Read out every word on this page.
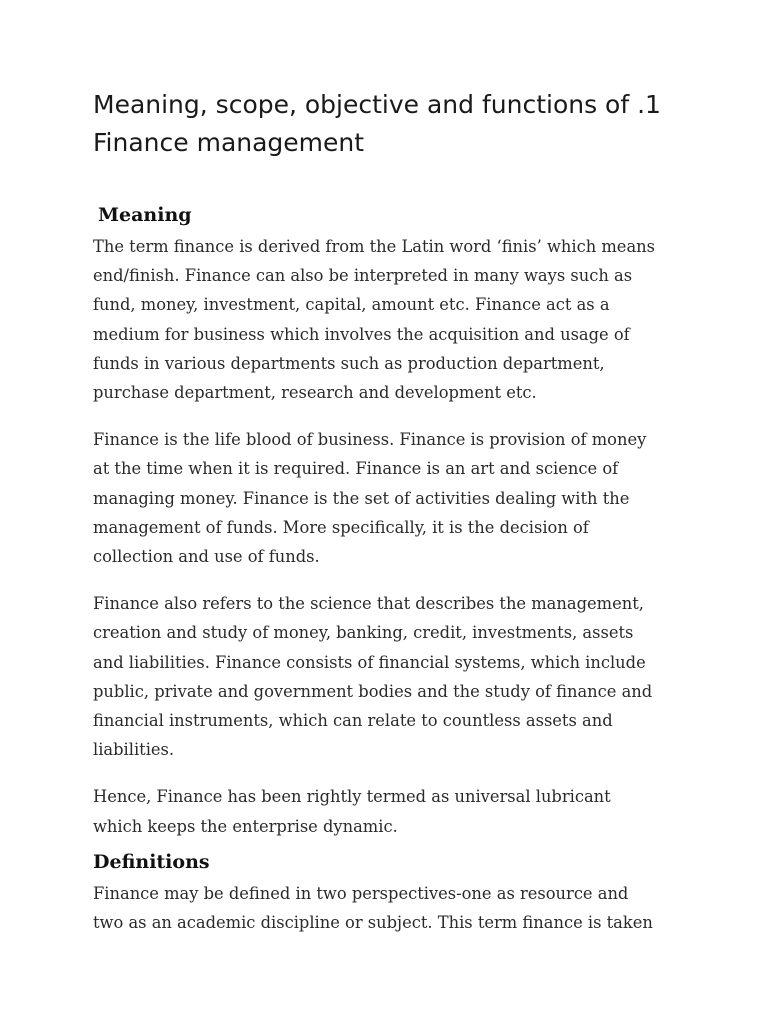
Meaning, scope, objective and functions of .1
Finance management
Meaning

The term finance is derived from the Latin word ‘finis’ which means
end/finish. Finance can also be interpreted in many ways such as
fund, money, investment, capital, amount etc. Finance act as a
medium for business which involves the acquisition and usage of
funds in various departments such as production department,
purchase department, research and development etc.

Finance is the life blood of business. Finance is provision of money
at the time when it is required. Finance is an art and science of
managing money. Finance is the set of activities dealing with the
management of funds. More specifically, it is the decision of
collection and use of funds.

Finance also refers to the science that describes the management,
creation and study of money, banking, credit, investments, assets
and liabilities. Finance consists of financial systems, which include
public, private and government bodies and the study of finance and
financial instruments, which can relate to countless assets and
liabilities.

Hence, Finance has been rightly termed as universal lubricant
which keeps the enterprise dynamic.

Definitions

Finance may be defined in two perspectives-one as resource and
two as an academic discipline or subject. This term finance is taken
